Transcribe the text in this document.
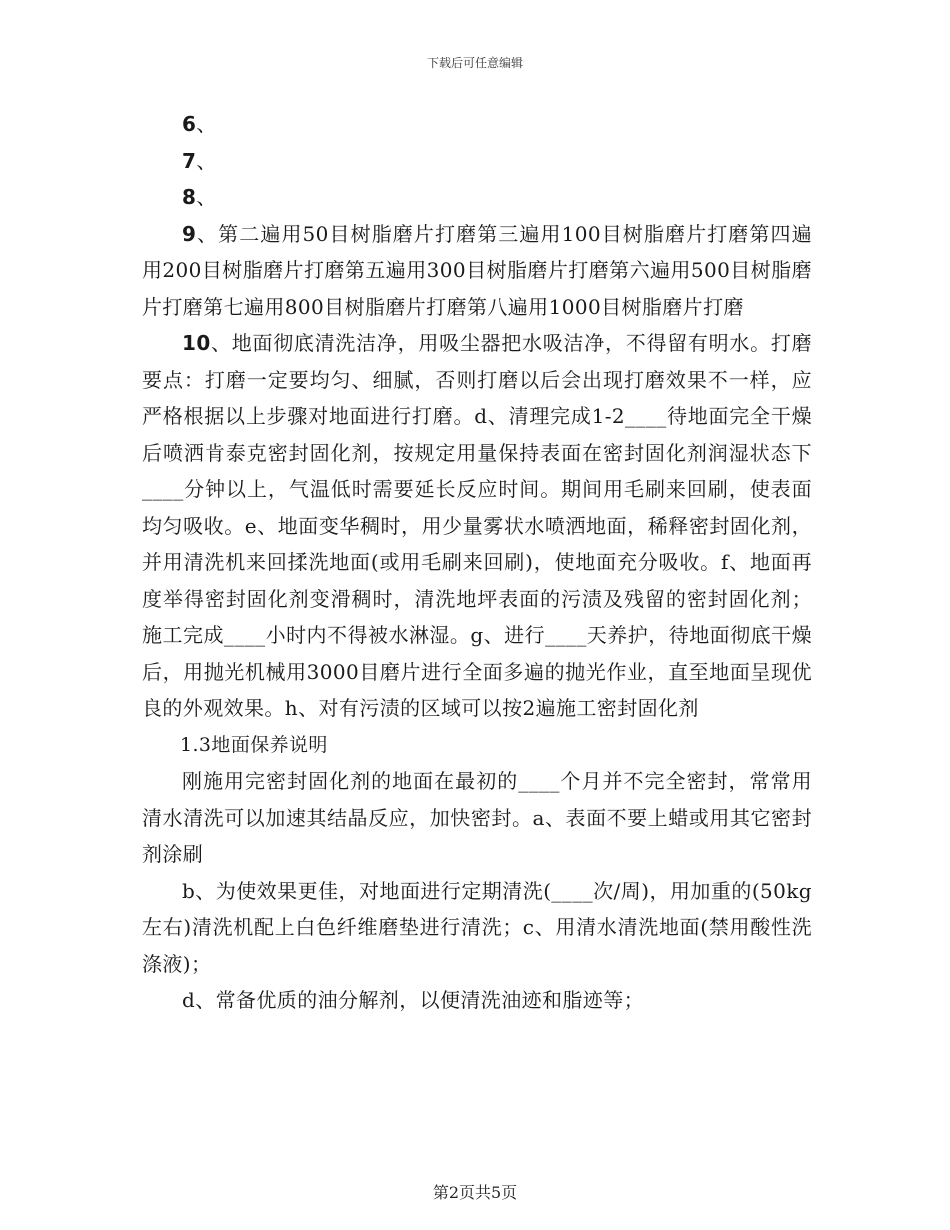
下载后可任意编辑

6、

7、

8、

9、第二遍用50目树脂磨片打磨第三遍用100目树脂磨片打磨第四遍用200目树脂磨片打磨第五遍用300目树脂磨片打磨第六遍用500目树脂磨片打磨第七遍用800目树脂磨片打磨第八遍用1000目树脂磨片打磨

10、地面彻底清洗洁净，用吸尘器把水吸洁净，不得留有明水。打磨要点：打磨一定要均匀、细腻，否则打磨以后会出现打磨效果不一样，应严格根据以上步骤对地面进行打磨。d、清理完成1-2____待地面完全干燥后喷洒肯泰克密封固化剂，按规定用量保持表面在密封固化剂润湿状态下____分钟以上，气温低时需要延长反应时间。期间用毛刷来回刷，使表面均匀吸收。e、地面变华稠时，用少量雾状水喷洒地面，稀释密封固化剂，并用清洗机来回揉洗地面(或用毛刷来回刷)，使地面充分吸收。f、地面再度举得密封固化剂变滑稠时，清洗地坪表面的污渍及残留的密封固化剂；施工完成____小时内不得被水淋湿。g、进行____天养护，待地面彻底干燥后，用抛光机械用3000目磨片进行全面多遍的抛光作业，直至地面呈现优良的外观效果。h、对有污渍的区域可以按2遍施工密封固化剂

1.3地面保养说明

刚施用完密封固化剂的地面在最初的____个月并不完全密封，常常用清水清洗可以加速其结晶反应，加快密封。a、表面不要上蜡或用其它密封剂涂刷

b、为使效果更佳，对地面进行定期清洗(____次/周)，用加重的(50kg左右)清洗机配上白色纤维磨垫进行清洗；c、用清水清洗地面(禁用酸性洗涤液)；

d、常备优质的油分解剂，以便清洗油迹和脂迹等；

第2页共5页
